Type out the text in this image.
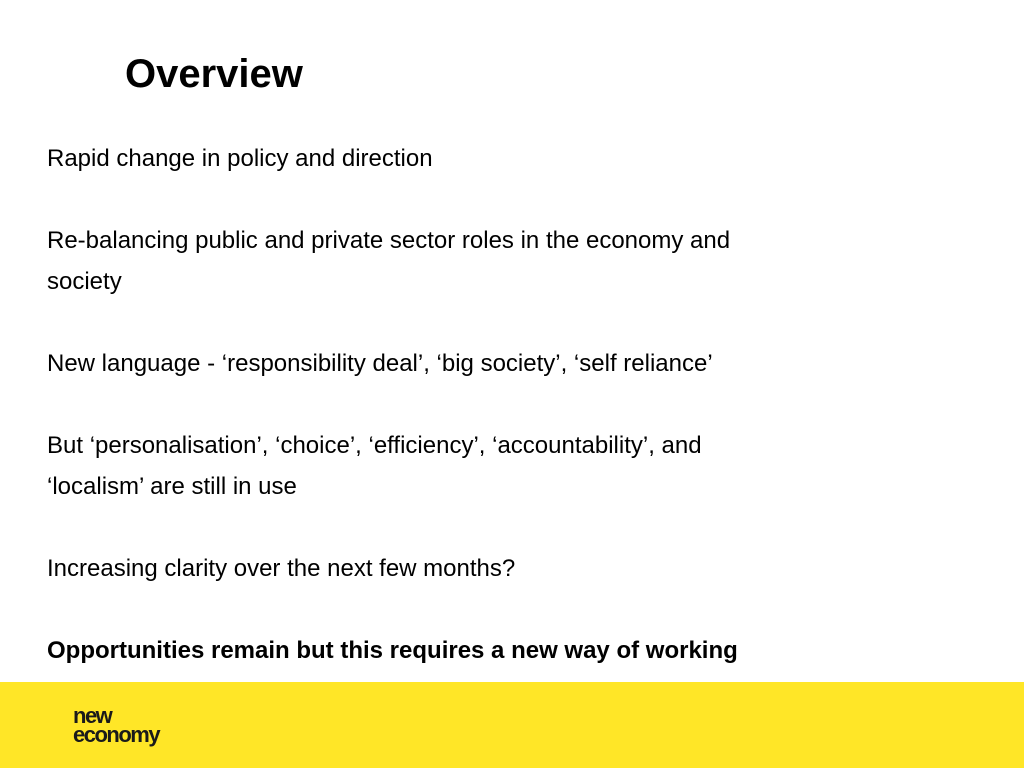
Overview

Rapid change in policy and direction

Re-balancing public and private sector roles in the economy and
society

New language - ‘responsibility deal’, ‘big society’, ‘self reliance’

But ‘personalisation’, ‘choice’, ‘efficiency’, ‘accountability’, and
‘localism’ are still in use

Increasing clarity over the next few months?

Opportunities remain but this requires a new way of working

new
economy
